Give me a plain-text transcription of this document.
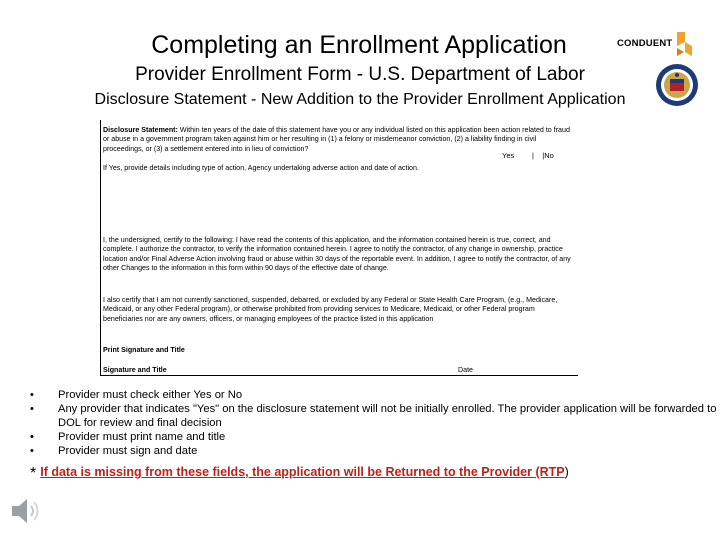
Completing an Enrollment Application
Provider Enrollment Form - U.S. Department of Labor
Disclosure Statement - New Addition to the Provider Enrollment Application
CONDUENT
Disclosure Statement: Within ten years of the date of this statement have you or any individual listed on this application been action related to fraud or abuse in a government program taken against him or her resulting in (1) a felony or misdemeanor conviction, (2) a liability finding in civil proceedings, or (3) a settlement entered into in lieu of conviction?
Yes |    |No
If Yes, provide details including type of action, Agency undertaking adverse action and date of action.
I, the undersigned, certify to the following: I have read the contents of this application, and the information contained herein is true, correct, and complete. I authorize the contractor, to verify the information contained herein. I agree to notify the contractor, of any change in ownership, practice location and/or Final Adverse Action involving fraud or abuse within 30 days of the reportable event. In addition, I agree to notify the contractor, of any other Changes to the information in this form within 90 days of the effective date of change.
I also certify that I am not currently sanctioned, suspended, debarred, or excluded by any Federal or State Health Care Program, (e.g., Medicare, Medicaid, or any other Federal program), or otherwise prohibited from providing services to Medicare, Medicaid, or other Federal program beneficiaries nor are any owners, officers, or managing employees of the practice listed in this application
Print Signature and Title
Signature and Title	Date
• Provider must check either Yes or No
• Any provider that indicates "Yes" on the disclosure statement will not be initially enrolled. The provider application will be forwarded to DOL for review and final decision
• Provider must print name and title
• Provider must sign and date
* If data is missing from these fields, the application will be Returned to the Provider (RTP)
